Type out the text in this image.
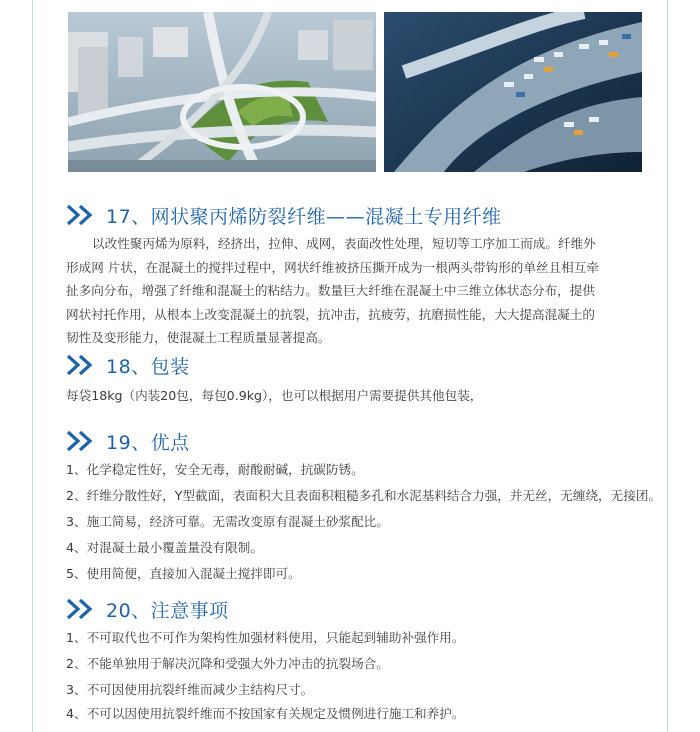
17、网状聚丙烯防裂纤维——混凝土专用纤维

以改性聚丙烯为原料，经挤出，拉伸、成网，表面改性处理，短切等工序加工而成。纤维外形成网 片状，在混凝土的搅拌过程中，网状纤维被挤压撕开成为一根两头带钩形的单丝且相互牵扯多向分布，增强了纤维和混凝土的粘结力。数量巨大纤维在混凝土中三维立体状态分布，提供网状衬托作用，从根本上改变混凝土的抗裂，抗冲击，抗疲劳，抗磨损性能，大大提高混凝土的韧性及变形能力，使混凝土工程质量显著提高。

18、包装
每袋18kg（内装20包，每包0.9kg），也可以根据用户需要提供其他包装，
19、优点
1、化学稳定性好，安全无毒，耐酸耐碱，抗碳防锈。
2、纤维分散性好，Y型截面，表面积大且表面积粗糙多孔和水泥基料结合力强，并无丝，无缠绕，无接团。
3、施工简易，经济可靠。无需改变原有混凝土砂浆配比。
4、对混凝土最小覆盖量没有限制。
5、使用简便，直接加入混凝土搅拌即可。
20、注意事项
1、不可取代也不可作为架构性加强材料使用，只能起到辅助补强作用。
2、不能单独用于解决沉降和受强大外力冲击的抗裂场合。
3、不可因使用抗裂纤维而减少主结构尺寸。
4、不可以因使用抗裂纤维而不按国家有关规定及惯例进行施工和养护。
